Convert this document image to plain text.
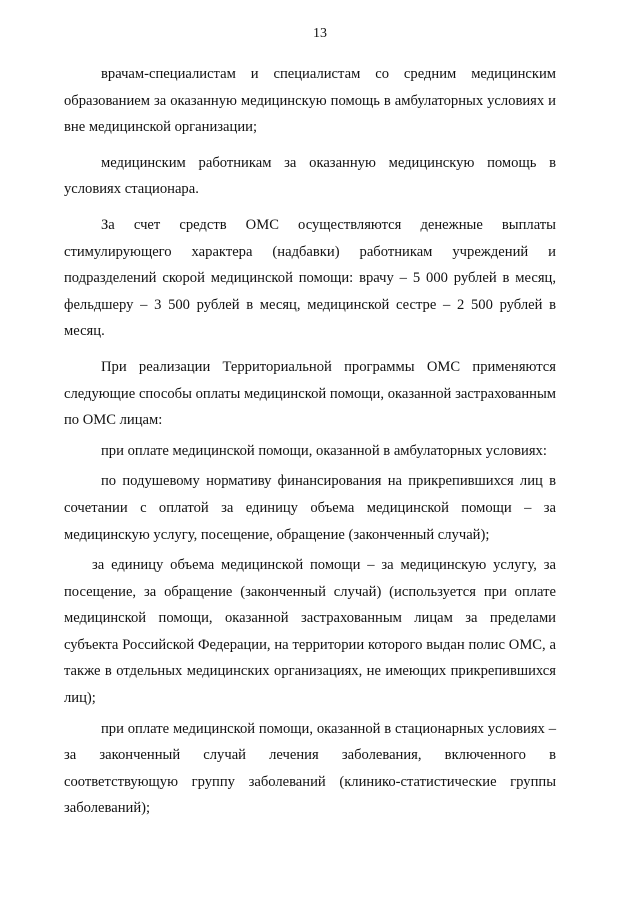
13

врачам-специалистам и специалистам со средним медицинским образованием за оказанную медицинскую помощь в амбулаторных условиях и вне медицинской организации;

медицинским работникам за оказанную медицинскую помощь в условиях стационара.

За счет средств ОМС осуществляются денежные выплаты стимулирующего характера (надбавки) работникам учреждений и подразделений скорой медицинской помощи: врачу – 5 000 рублей в месяц, фельдшеру – 3 500 рублей в месяц, медицинской сестре – 2 500 рублей в месяц.

При реализации Территориальной программы ОМС применяются следующие способы оплаты медицинской помощи, оказанной застрахованным по ОМС лицам:

при оплате медицинской помощи, оказанной в амбулаторных условиях:

по подушевому нормативу финансирования на прикрепившихся лиц в сочетании с оплатой за единицу объема медицинской помощи – за медицинскую услугу, посещение, обращение (законченный случай);

за единицу объема медицинской помощи – за медицинскую услугу, за посещение, за обращение (законченный случай) (используется при оплате медицинской помощи, оказанной застрахованным лицам за пределами субъекта Российской Федерации, на территории которого выдан полис ОМС, а также в отдельных медицинских организациях, не имеющих прикрепившихся лиц);

при оплате медицинской помощи, оказанной в стационарных условиях – за законченный случай лечения заболевания, включенного в соответствующую группу заболеваний (клинико-статистические группы заболеваний);
